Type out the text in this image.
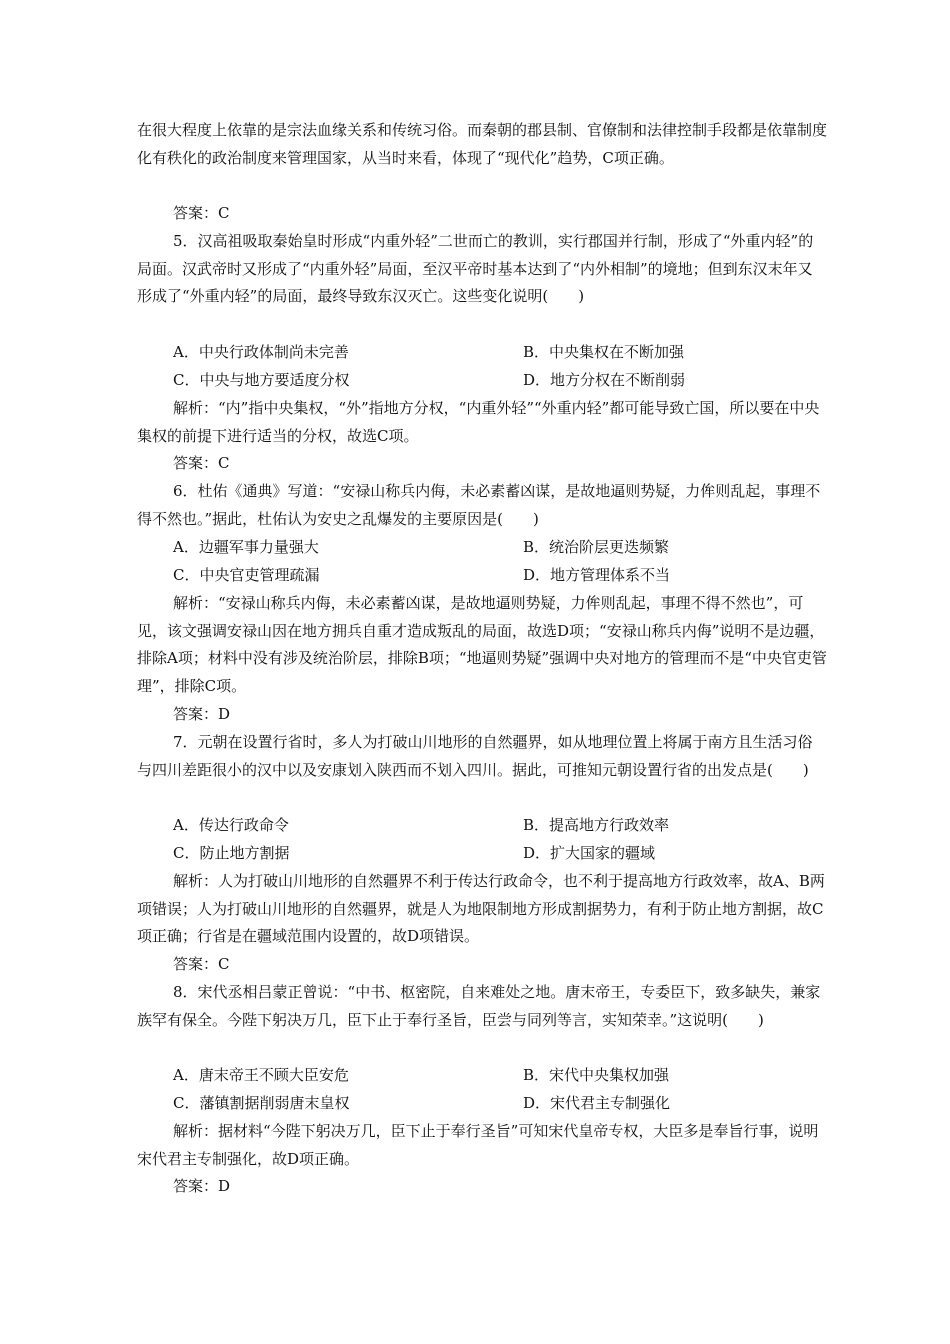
在很大程度上依靠的是宗法血缘关系和传统习俗。而秦朝的郡县制、官僚制和法律控制手段都是依靠制度化有秩化的政治制度来管理国家，从当时来看，体现了“现代化”趋势，C项正确。

答案：C

5．汉高祖吸取秦始皇时形成“内重外轻”二世而亡的教训，实行郡国并行制，形成了“外重内轻”的局面。汉武帝时又形成了“内重外轻”局面，至汉平帝时基本达到了“内外相制”的境地；但到东汉末年又形成了“外重内轻”的局面，最终导致东汉灭亡。这些变化说明(　　)

A．中央行政体制尚未完善	B．中央集权在不断加强
C．中央与地方要适度分权	D．地方分权在不断削弱

解析：“内”指中央集权，“外”指地方分权，“内重外轻”“外重内轻”都可能导致亡国，所以要在中央集权的前提下进行适当的分权，故选C项。

答案：C

6．杜佑《通典》写道：“安禄山称兵内侮，未必素蓄凶谋，是故地逼则势疑，力侔则乱起，事理不得不然也。”据此，杜佑认为安史之乱爆发的主要原因是(　　)

A．边疆军事力量强大	B．统治阶层更迭频繁
C．中央官吏管理疏漏	D．地方管理体系不当

解析：“安禄山称兵内侮，未必素蓄凶谋，是故地逼则势疑，力侔则乱起，事理不得不然也”，可见，该文强调安禄山因在地方拥兵自重才造成叛乱的局面，故选D项；“安禄山称兵内侮”说明不是边疆，排除A项；材料中没有涉及统治阶层，排除B项；“地逼则势疑”强调中央对地方的管理而不是“中央官吏管理”，排除C项。

答案：D

7．元朝在设置行省时，多人为打破山川地形的自然疆界，如从地理位置上将属于南方且生活习俗与四川差距很小的汉中以及安康划入陕西而不划入四川。据此，可推知元朝设置行省的出发点是(　　)

A．传达行政命令	B．提高地方行政效率
C．防止地方割据	D．扩大国家的疆域

解析：人为打破山川地形的自然疆界不利于传达行政命令，也不利于提高地方行政效率，故A、B两项错误；人为打破山川地形的自然疆界，就是人为地限制地方形成割据势力，有利于防止地方割据，故C项正确；行省是在疆域范围内设置的，故D项错误。

答案：C

8．宋代丞相吕蒙正曾说：“中书、枢密院，自来难处之地。唐末帝王，专委臣下，致多缺失，兼家族罕有保全。今陛下躬决万几，臣下止于奉行圣旨，臣尝与同列等言，实知荣幸。”这说明(　　)

A．唐末帝王不顾大臣安危	B．宋代中央集权加强
C．藩镇割据削弱唐末皇权	D．宋代君主专制强化

解析：据材料“今陛下躬决万几，臣下止于奉行圣旨”可知宋代皇帝专权，大臣多是奉旨行事，说明宋代君主专制强化，故D项正确。

答案：D
